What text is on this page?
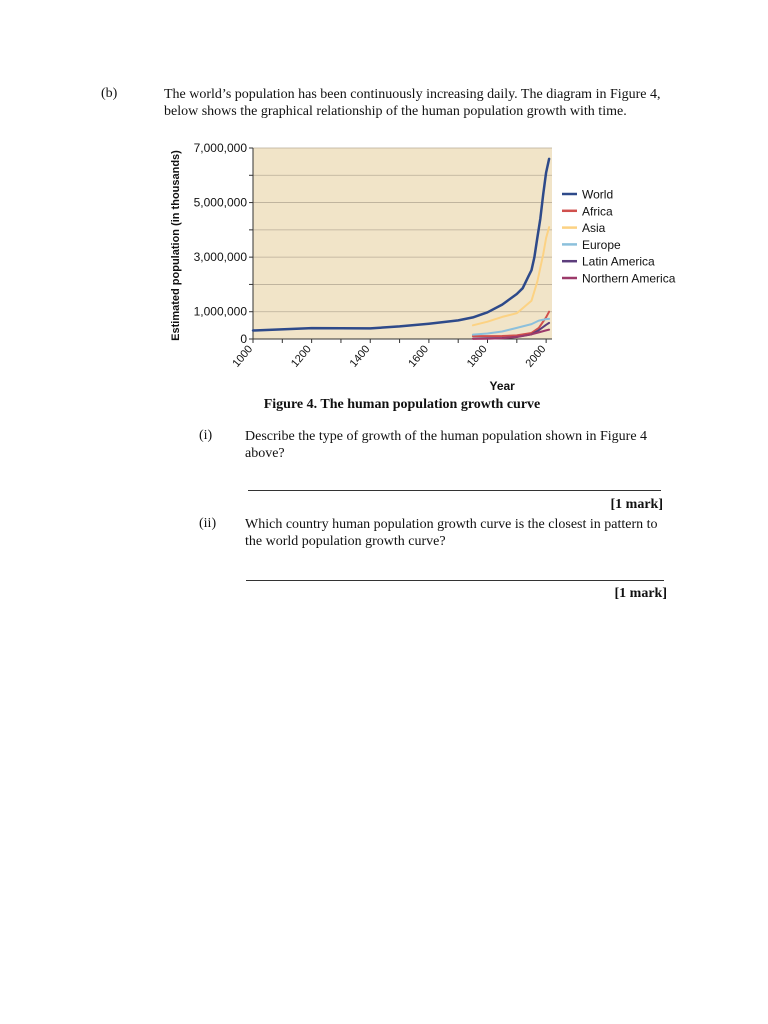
(b)	The world’s population has been continuously increasing daily. The diagram in Figure 4,
below shows the graphical relationship of the human population growth with time.
0
1,000,000
3,000,000
5,000,000
7,000,000
1000	1200	1400	1600	1800	2000
Year
Estimated population (in thousands)	World
Africa
Asia
Europe
Latin America
Northern America
Figure 4. The human population growth curve
(i) Describe the type of growth of the human population shown in Figure 4
above?
[1 mark]
(ii) Which country human population growth curve is the closest in pattern to
the world population growth curve?
[1 mark]
